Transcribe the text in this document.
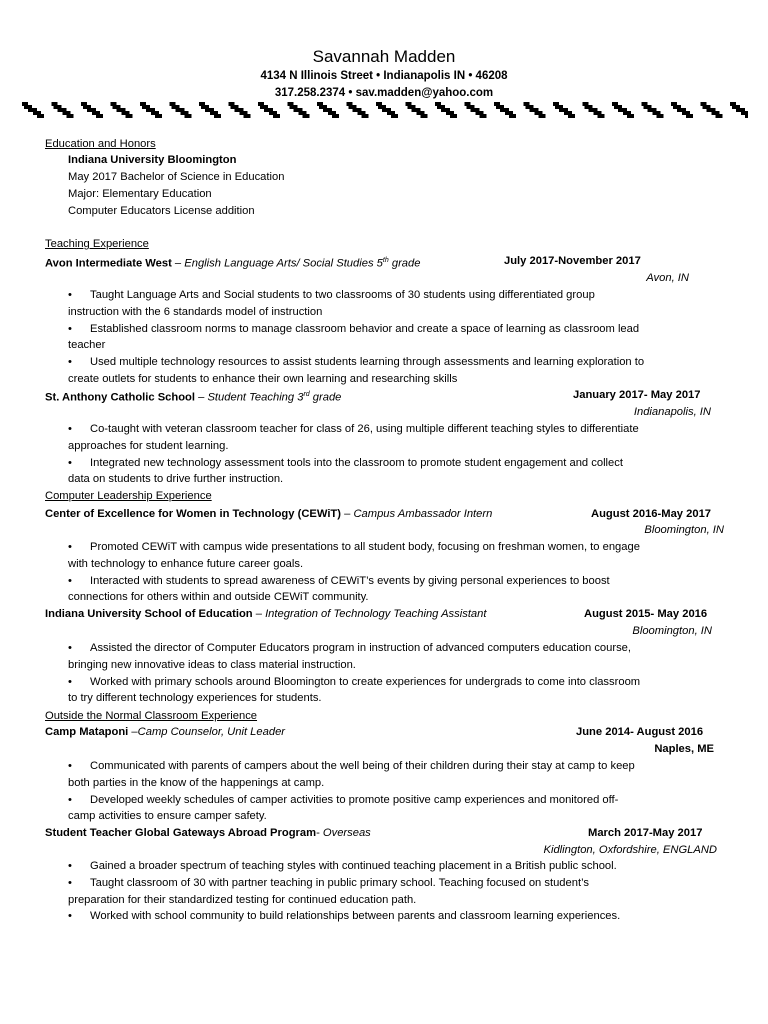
Savannah Madden
4134 N Illinois Street • Indianapolis IN • 46208
317.258.2374 • sav.madden@yahoo.com
Education and Honors
Indiana University Bloomington
May 2017 Bachelor of Science in Education
Major: Elementary Education
Computer Educators License addition
Teaching Experience
Avon Intermediate West – English Language Arts/ Social Studies 5th grade	July 2017-November 2017
Avon, IN
•	Taught Language Arts and Social students to two classrooms of 30 students using differentiated group
instruction with the 6 standards model of instruction
•	Established classroom norms to manage classroom behavior and create a space of learning as classroom lead
teacher
•	Used multiple technology resources to assist students learning through assessments and learning exploration to
create outlets for students to enhance their own learning and researching skills
St. Anthony Catholic School – Student Teaching 3rd grade	January 2017- May 2017
Indianapolis, IN
•	Co-taught with veteran classroom teacher for class of 26, using multiple different teaching styles to differentiate
approaches for student learning.
•	Integrated new technology assessment tools into the classroom to promote student engagement and collect
data on students to drive further instruction.
Computer Leadership Experience
Center of Excellence for Women in Technology (CEWiT) – Campus Ambassador Intern	August 2016-May 2017
Bloomington, IN
•	Promoted CEWiT with campus wide presentations to all student body, focusing on freshman women, to engage
with technology to enhance future career goals.
•	Interacted with students to spread awareness of CEWiT’s events by giving personal experiences to boost
connections for others within and outside CEWiT community.
Indiana University School of Education – Integration of Technology Teaching Assistant	August 2015- May 2016
Bloomington, IN
•	Assisted the director of Computer Educators program in instruction of advanced computers education course,
bringing new innovative ideas to class material instruction.
•	Worked with primary schools around Bloomington to create experiences for undergrads to come into classroom
to try different technology experiences for students.
Outside the Normal Classroom Experience
Camp Mataponi –Camp Counselor, Unit Leader	June 2014- August 2016
Naples, ME
•	Communicated with parents of campers about the well being of their children during their stay at camp to keep
both parties in the know of the happenings at camp.
•	Developed weekly schedules of camper activities to promote positive camp experiences and monitored off-
camp activities to ensure camper safety.
Student Teacher Global Gateways Abroad Program- Overseas	March 2017-May 2017
Kidlington, Oxfordshire, ENGLAND
•	Gained a broader spectrum of teaching styles with continued teaching placement in a British public school.
•	Taught classroom of 30 with partner teaching in public primary school. Teaching focused on student’s
preparation for their standardized testing for continued education path.
•	Worked with school community to build relationships between parents and classroom learning experiences.
